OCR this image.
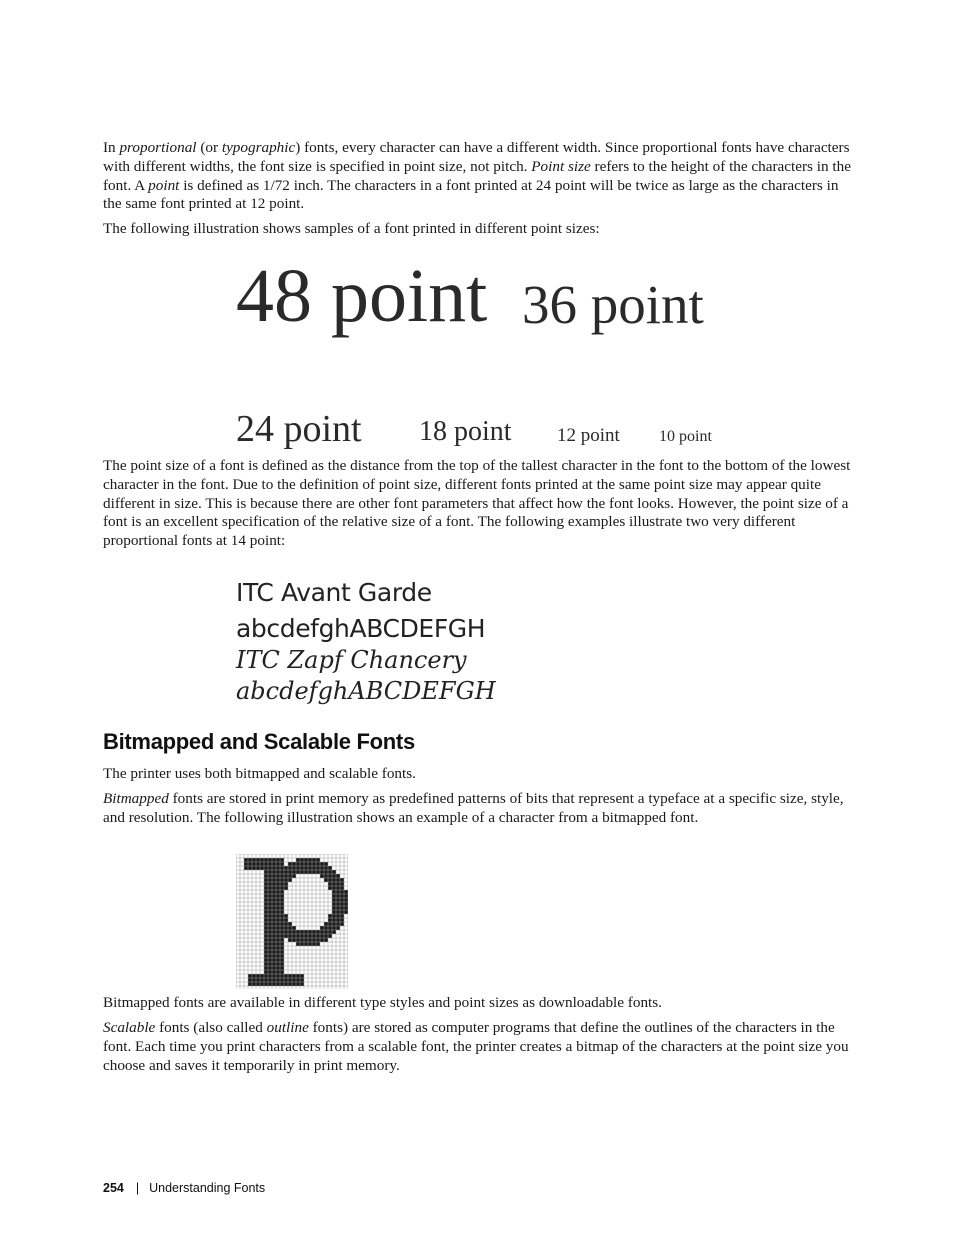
In proportional (or typographic) fonts, every character can have a different width. Since proportional fonts have characters with different widths, the font size is specified in point size, not pitch. Point size refers to the height of the characters in the font. A point is defined as 1/72 inch. The characters in a font printed at 24 point will be twice as large as the characters in the same font printed at 12 point.

The following illustration shows samples of a font printed in different point sizes:

48 point 36 point
24 point 18 point 12 point 10 point

The point size of a font is defined as the distance from the top of the tallest character in the font to the bottom of the lowest character in the font. Due to the definition of point size, different fonts printed at the same point size may appear quite different in size. This is because there are other font parameters that affect how the font looks. However, the point size of a font is an excellent specification of the relative size of a font. The following examples illustrate two very different proportional fonts at 14 point:

ITC Avant Garde
abcdefghABCDEFGH
ITC Zapf Chancery
abcdefghABCDEFGH
Bitmapped and Scalable Fonts

The printer uses both bitmapped and scalable fonts.

Bitmapped fonts are stored in print memory as predefined patterns of bits that represent a typeface at a specific size, style, and resolution. The following illustration shows an example of a character from a bitmapped font.

Bitmapped fonts are available in different type styles and point sizes as downloadable fonts.

Scalable fonts (also called outline fonts) are stored as computer programs that define the outlines of the characters in the font. Each time you print characters from a scalable font, the printer creates a bitmap of the characters at the point size you choose and saves it temporarily in print memory.

254 | Understanding Fonts
